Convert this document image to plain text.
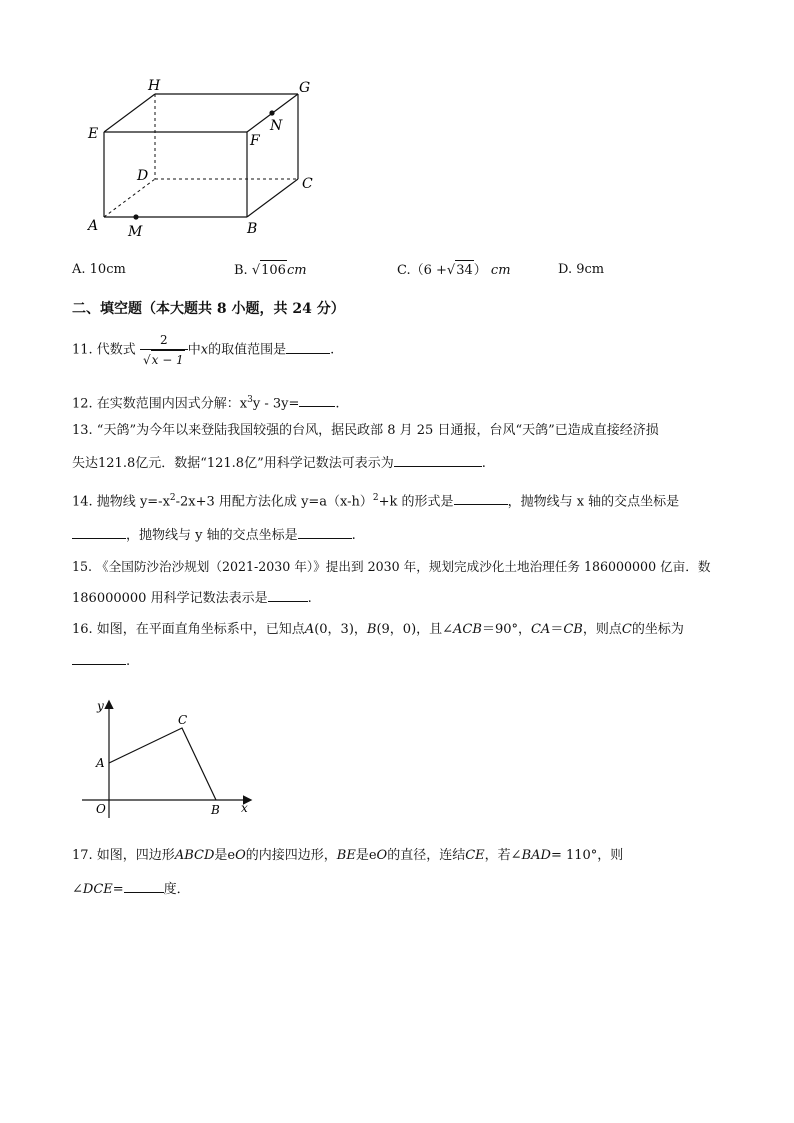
H	G
E	F
N
D	C
A M	B
A. 10cm	B. √106cm	C.（6 +√34） cm	D. 9cm
二、填空题（本大题共 8 小题，共 24 分）
11. 代数式 $\frac{2}{√x - 1}$ 中x的取值范围是	.
12. 在实数范围内因式分解：$x^3y - 3y=$	.
13. “天鸽”为今年以来登陆我国较强的台风，据民政部 8 月 25 日通报，台风“天鸽”已造成直接经济损
失达121.8亿元．数据“121.8亿”用科学记数法可表示为	.
14. 抛物线 $y=-x^2-2x+3$ 用配方法化成 $y=a(x-h)^2+k$ 的形式是	，抛物线与 x 轴的交点坐标是
，抛物线与 y 轴的交点坐标是	.
15. 《全国防沙治沙规划（2021-2030 年）》提出到 2030 年，规划完成沙化土地治理任务 186000000 亿亩．数
186000000 用科学记数法表示是	.
16. 如图，在平面直角坐标系中，已知点A(0，3)，B(9，0)，且∠ACB＝90°，CA＝CB，则点C的坐标为
.
y
x
O
A
B
C
17. 如图，四边形ABCD是eO的内接四边形，BE是eO的直径，连结CE，若∠BAD= 110°，则
∠DCE=	度．
